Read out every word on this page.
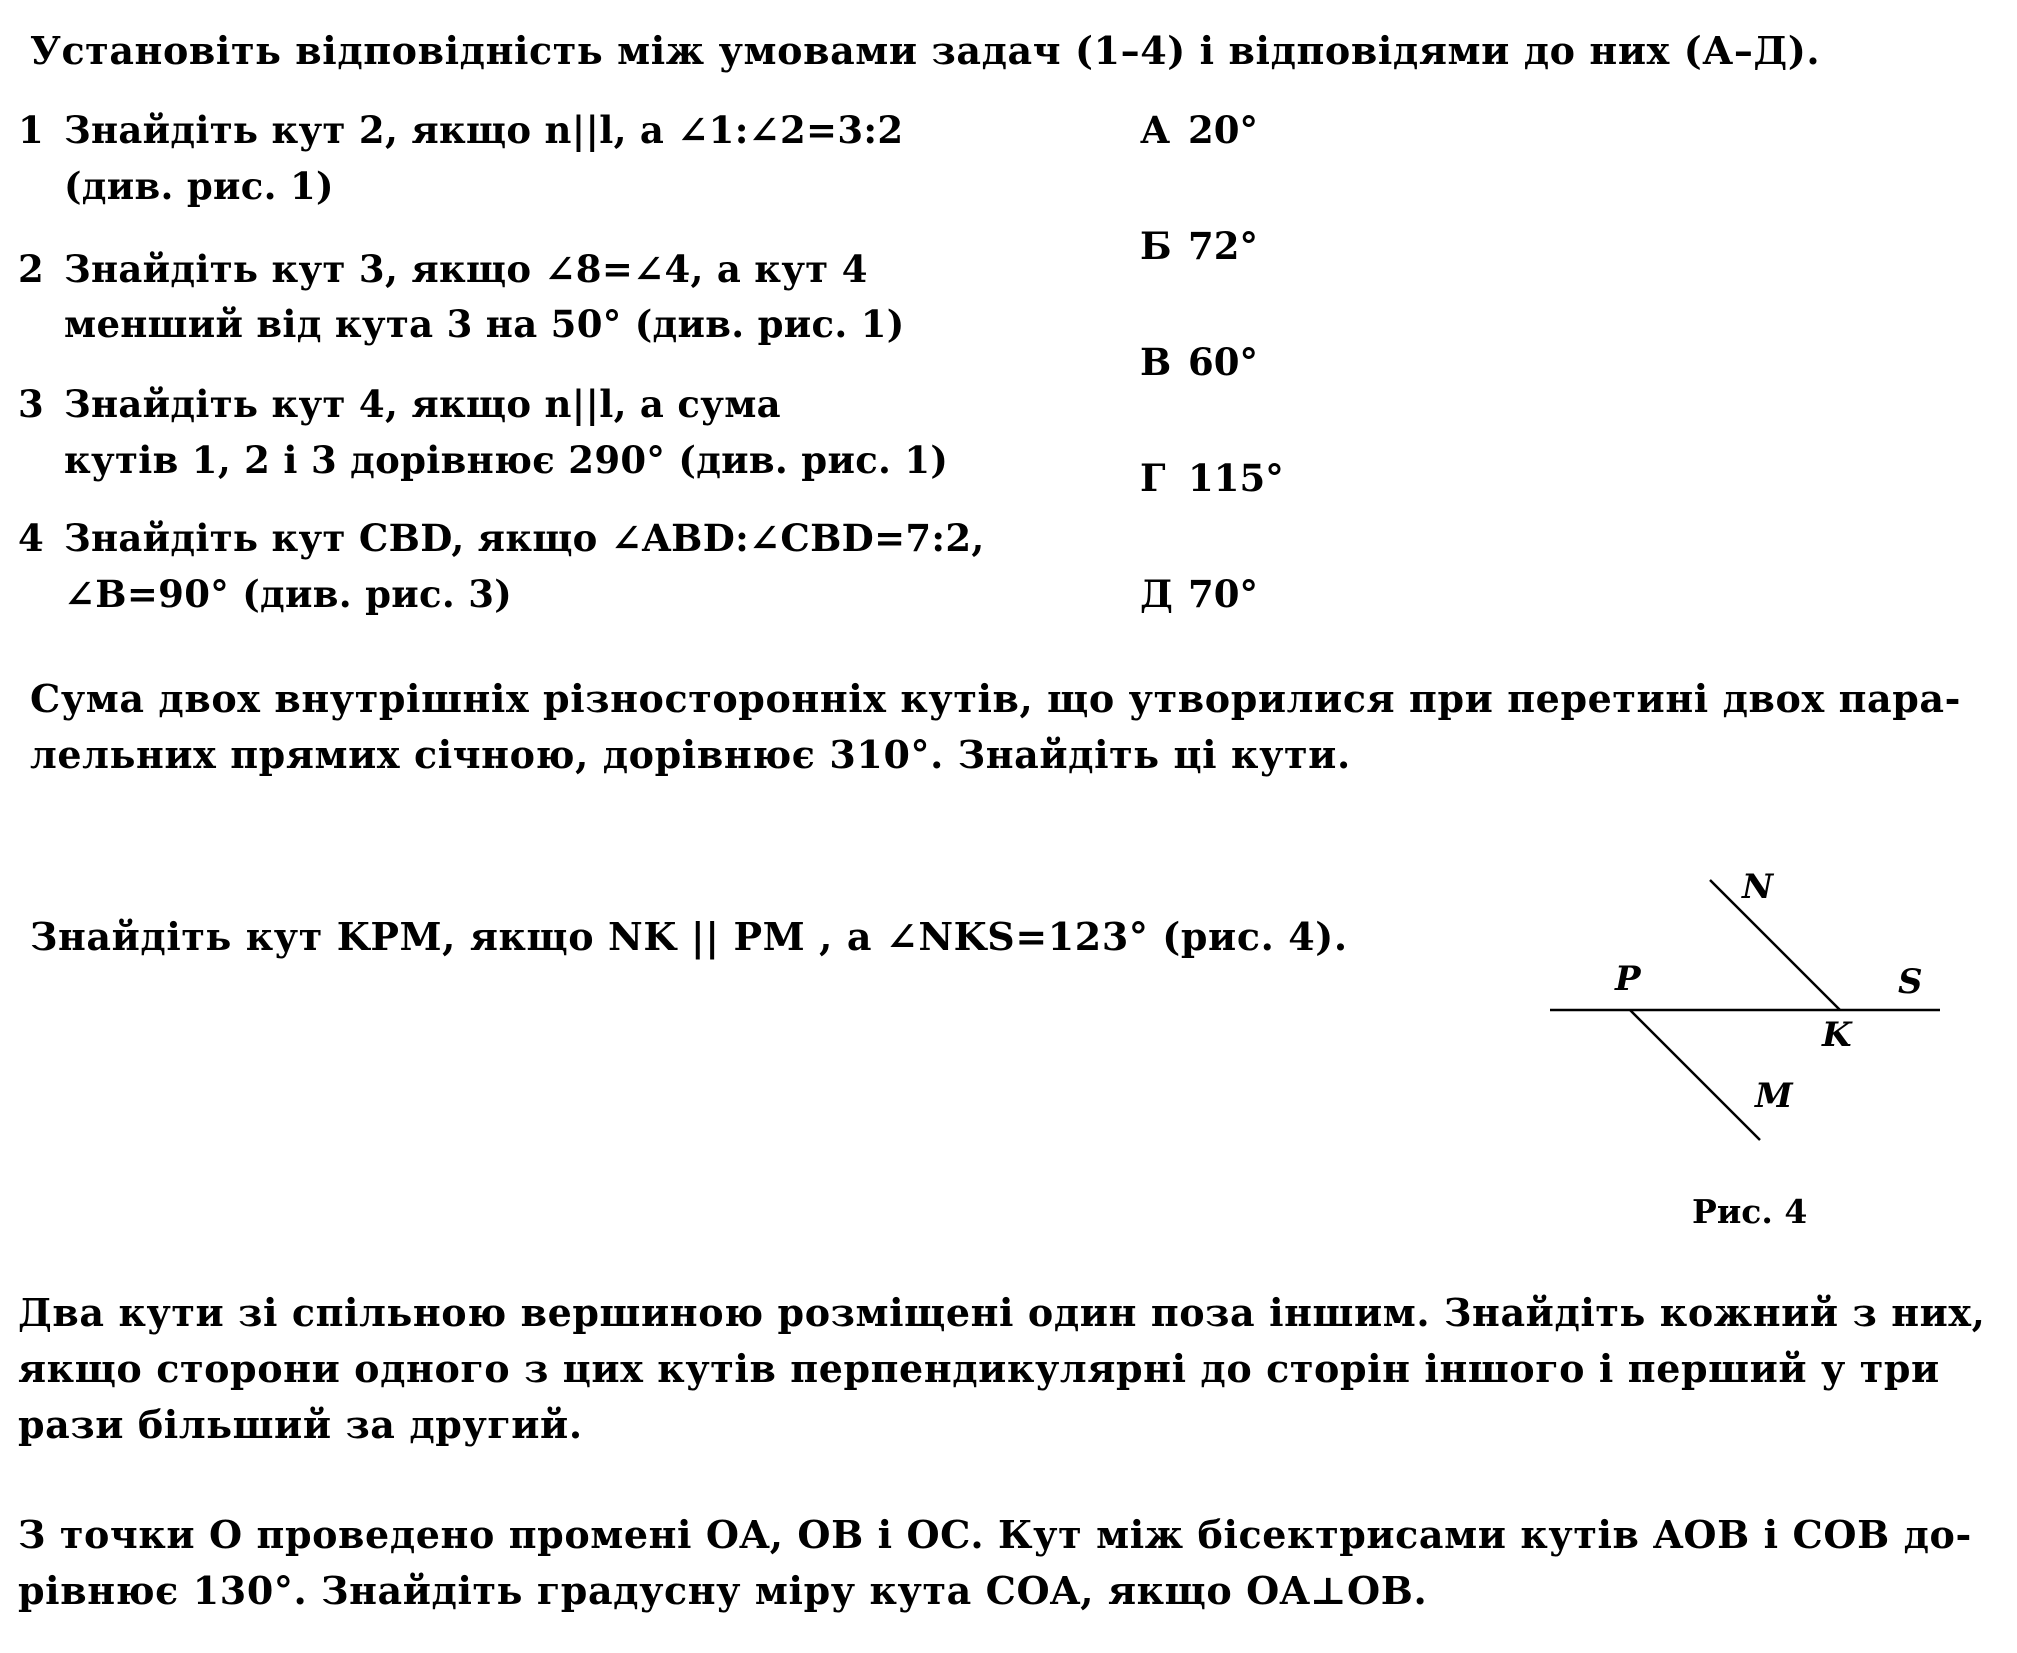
Установіть відповідність між умовами задач (1–4) і відповідями до них (А–Д).
1 Знайдіть кут 2, якщо n||l, а ∠1:∠2=3:2
(див. рис. 1)
2 Знайдіть кут 3, якщо ∠8=∠4, а кут 4
менший від кута 3 на 50° (див. рис. 1)
3 Знайдіть кут 4, якщо n||l, а сума
кутів 1, 2 і 3 дорівнює 290° (див. рис. 1)
4 Знайдіть кут CBD, якщо ∠ABD:∠CBD=7:2,
∠B=90° (див. рис. 3)
А 20°
Б 72°
В 60°
Г 115°
Д 70°
Сума двох внутрішніх різносторонніх кутів, що утворилися при перетині двох пара-
лельних прямих січною, дорівнює 310°. Знайдіть ці кути.
Знайдіть кут KPM, якщо NK || PM , а ∠NKS=123° (рис. 4).
N
P	S
K
M
Рис. 4
Два кути зі спільною вершиною розміщені один поза іншим. Знайдіть кожний з них,
якщо сторони одного з цих кутів перпендикулярні до сторін іншого і перший у три
рази більший за другий.
З точки O проведено промені OA, OB і OC. Кут між бісектрисами кутів AOB і COB до-
рівнює 130°. Знайдіть градусну міру кута COA, якщо OA⊥OB.
